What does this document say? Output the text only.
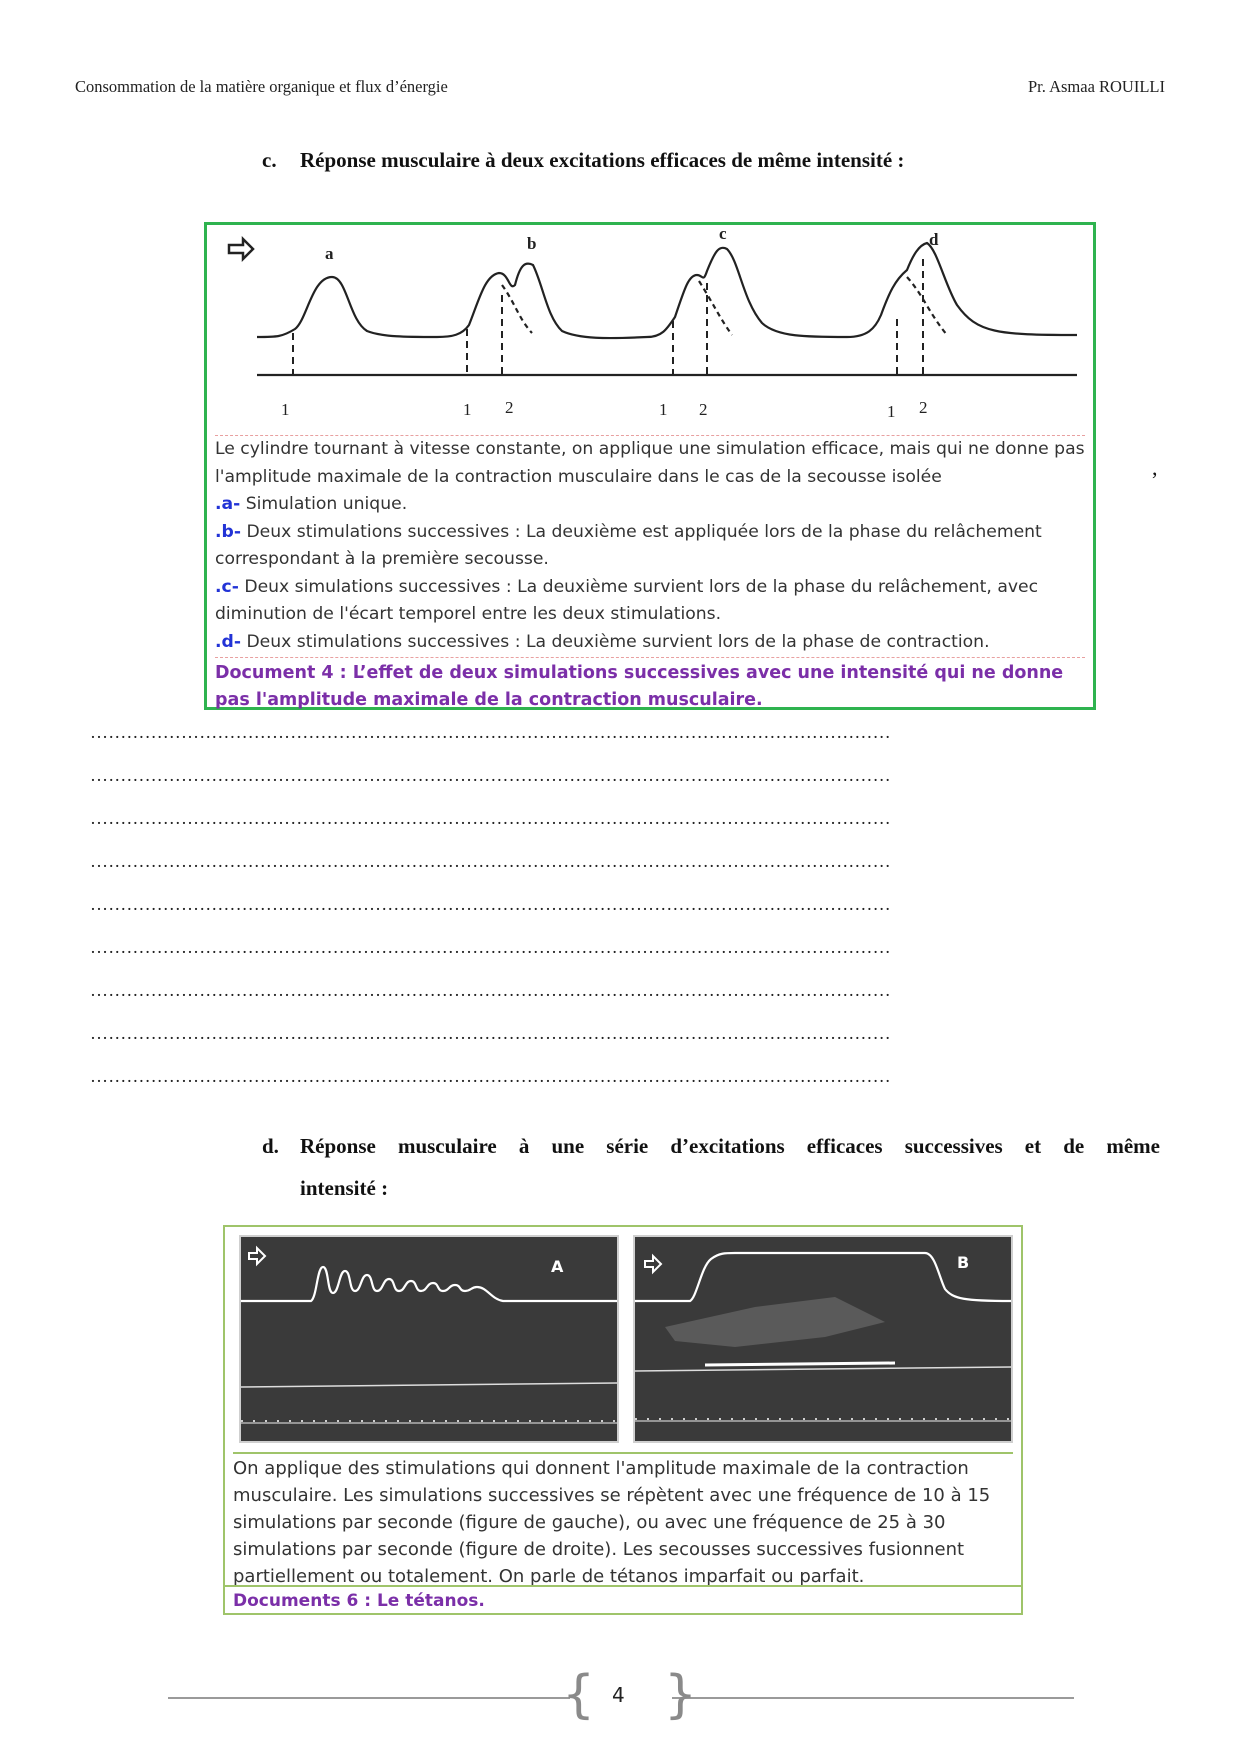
Consommation de la matière organique et flux d’énergie	Pr. Asmaa ROUILLI
c. Réponse musculaire à deux excitations efficaces de même intensité :
a
b
c	d
1	1 2	1 2	1 2

Le cylindre tournant à vitesse constante, on applique une simulation efficace, mais qui ne donne pas l'amplitude maximale de la contraction musculaire dans le cas de la secousse isolée

.a- Simulation unique.

.b- Deux stimulations successives : La deuxième est appliquée lors de la phase du relâchement correspondant à la première secousse.

.c- Deux simulations successives : La deuxième survient lors de la phase du relâchement, avec diminution de l'écart temporel entre les deux stimulations.

.d- Deux stimulations successives : La deuxième survient lors de la phase de contraction.

Document 4 : L’effet de deux simulations successives avec une intensité qui ne donne pas l'amplitude maximale de la contraction musculaire.
,
……………………………………………………………………………………………………………………
……………………………………………………………………………………………………………………
……………………………………………………………………………………………………………………
……………………………………………………………………………………………………………………
……………………………………………………………………………………………………………………
……………………………………………………………………………………………………………………
……………………………………………………………………………………………………………………
……………………………………………………………………………………………………………………
……………………………………………………………………………………………………………………
d. Réponse musculaire à une série d’excitations efficaces successives et de même
intensité :
A	B
On applique des stimulations qui donnent l'amplitude maximale de la contraction musculaire. Les simulations successives se répètent avec une fréquence de 10 à 15 simulations par seconde (figure de gauche), ou avec une fréquence de 25 à 30 simulations par seconde (figure de droite). Les secousses successives fusionnent partiellement ou totalement. On parle de tétanos imparfait ou parfait.
Documents 6 : Le tétanos.
{ }
4
